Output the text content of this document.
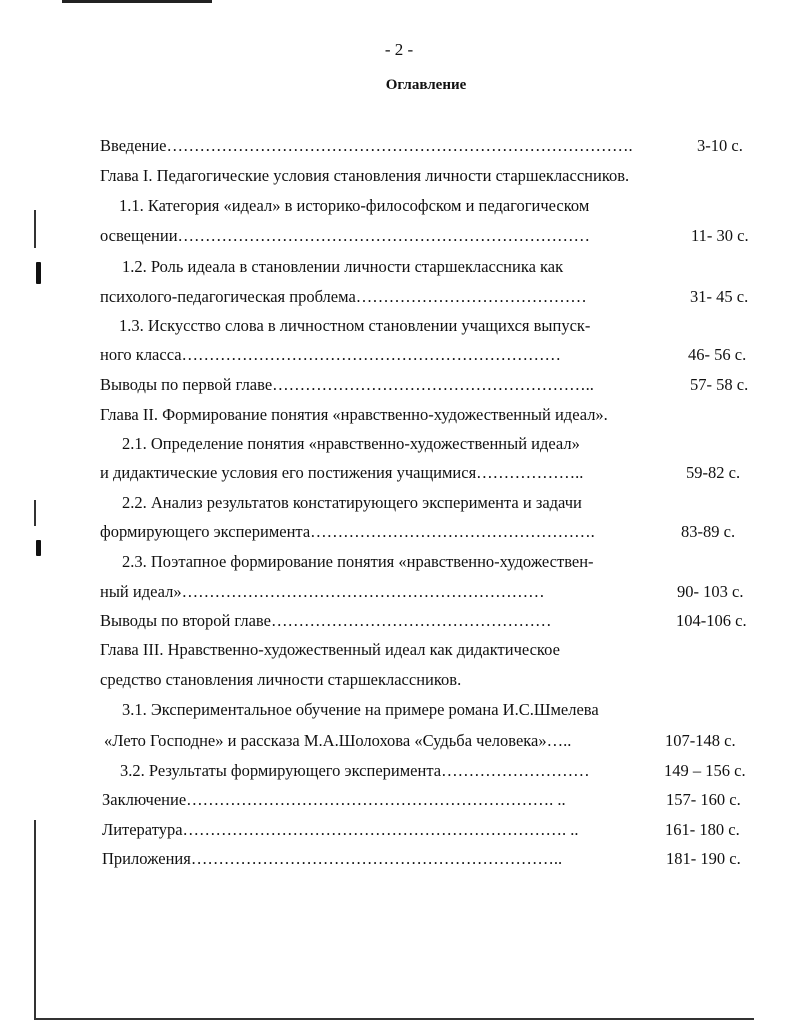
- 2 -
Оглавление
Введение………………………………………………………………………….	3-10 с.
Глава I. Педагогические условия становления личности старшеклассников.
1.1. Категория «идеал» в историко-философском и педагогическом
освещении…………………………………………………………………	11- 30 с.
1.2. Роль идеала в становлении личности старшеклассника как
психолого-педагогическая проблема……………………………………	31- 45 с.
1.3. Искусство слова в личностном становлении учащихся выпуск-
ного класса……………………………………………………………	46- 56 с.
Выводы по первой главе…………………………………………………..	57- 58 с.
Глава II. Формирование понятия «нравственно-художественный идеал».
2.1. Определение понятия «нравственно-художественный идеал»
и дидактические условия его постижения учащимися………………..	59-82 с.
2.2. Анализ результатов констатирующего эксперимента и задачи
формирующего эксперимента…………………………………………….	83-89 с.
2.3. Поэтапное формирование понятия «нравственно-художествен-
ный идеал»…………………………………………………………	90- 103 с.
Выводы по второй главе……………………………………………	104-106 с.
Глава III. Нравственно-художественный идеал как дидактическое
средство становления личности старшеклассников.
3.1. Экспериментальное обучение на примере романа И.С.Шмелева
«Лето Господне» и рассказа М.А.Шолохова «Судьба человека»…..	107-148 с.
3.2. Результаты формирующего эксперимента………………………	149 – 156 с.
Заключение…………………………………………………………. ..	157- 160 с.
Литература……………………………………………………………. ..	161- 180 с.
Приложения…………………………………………………………..	181- 190 с.
